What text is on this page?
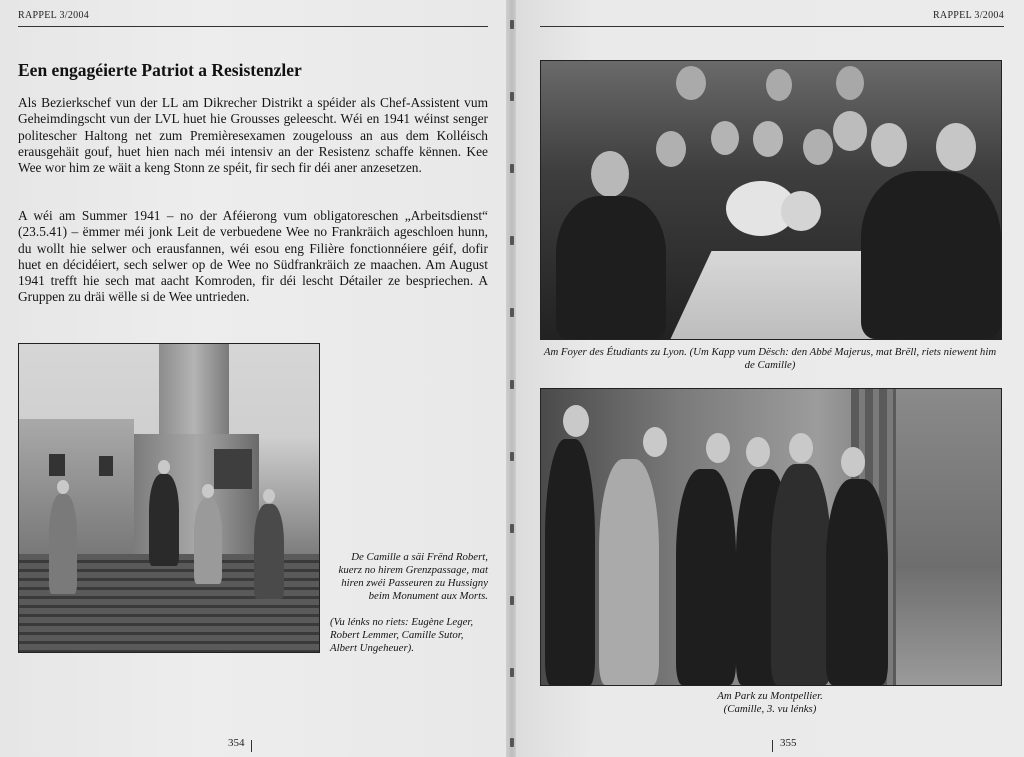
RAPPEL 3/2004
Een engagéierte Patriot a Resistenzler

Als Bezierkschef vun der LL am Dikrecher Distrikt a spéider als Chef-Assistent vum Geheimdingscht vun der LVL huet hie Grousses geleescht. Wéi en 1941 wéinst senger politescher Haltong net zum Premièresexamen zougelouss an aus dem Kolléisch erausgehäit gouf, huet hien nach méi intensiv an der Resistenz schaffe kënnen. Kee Wee wor him ze wäit a keng Stonn ze spéit, fir sech fir déi aner anzesetzen.

A wéi am Summer 1941 – no der Aféierong vum obligatoreschen „Arbeitsdienst“ (23.5.41) – ëmmer méi jonk Leit de verbuedene Wee no Frankräich ageschloen hunn, du wollt hie selwer och erausfannen, wéi esou eng Filière fonctionnéiere géif, dofir huet en décidéiert, sech selwer op de Wee no Südfrankräich ze maachen. Am August 1941 trefft hie sech mat aacht Komroden, fir déi lescht Détailer ze bespriechen. A Gruppen zu dräi wëlle si de Wee untrieden.

De Camille a säi Frënd Robert, kuerz no hirem Grenzpassage, mat hiren zwéi Passeuren zu Hussigny beim Monument aux Morts.
(Vu lénks no riets: Eugène Leger, Robert Lemmer, Camille Sutor, Albert Ungeheuer).
354
RAPPEL 3/2004
Am Foyer des Étudiants zu Lyon. (Um Kapp vum Dësch: den Abbé Majerus, mat Brëll, riets niewent him de Camille)
Am Park zu Montpellier.
(Camille, 3. vu lénks)
355
